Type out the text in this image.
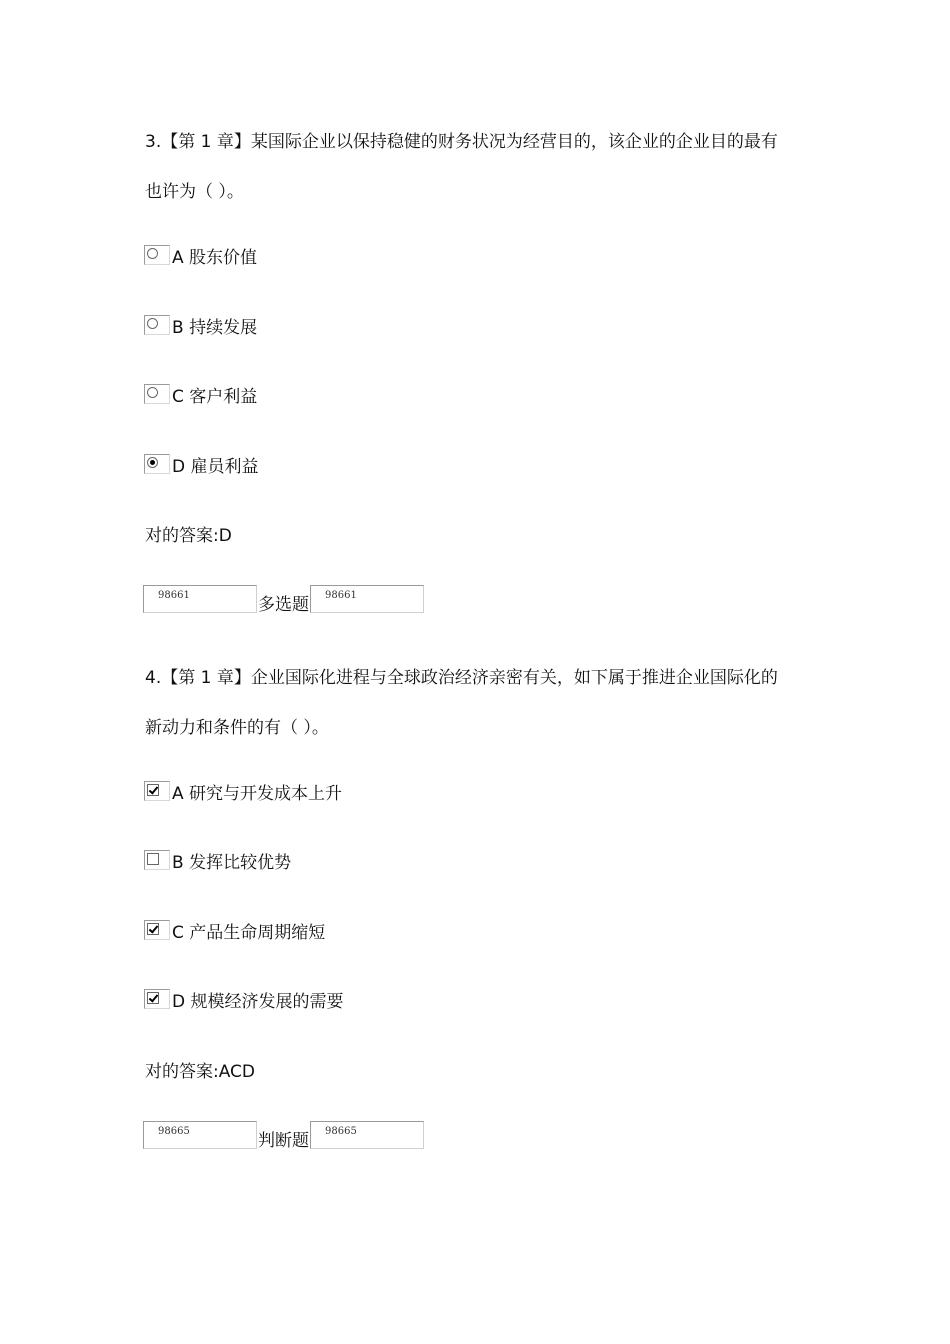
3.【第 1 章】某国际企业以保持稳健的财务状况为经营目的，该企业的企业目的最有
也许为（ ）。
A 股东价值
B 持续发展
C 客户利益
D 雇员利益
对的答案:D
98661	多选题 98661
4.【第 1 章】企业国际化进程与全球政治经济亲密有关，如下属于推进企业国际化的
新动力和条件的有（ ）。
A 研究与开发成本上升
B 发挥比较优势
C 产品生命周期缩短
D 规模经济发展的需要
对的答案:ACD
98665	判断题 98665
